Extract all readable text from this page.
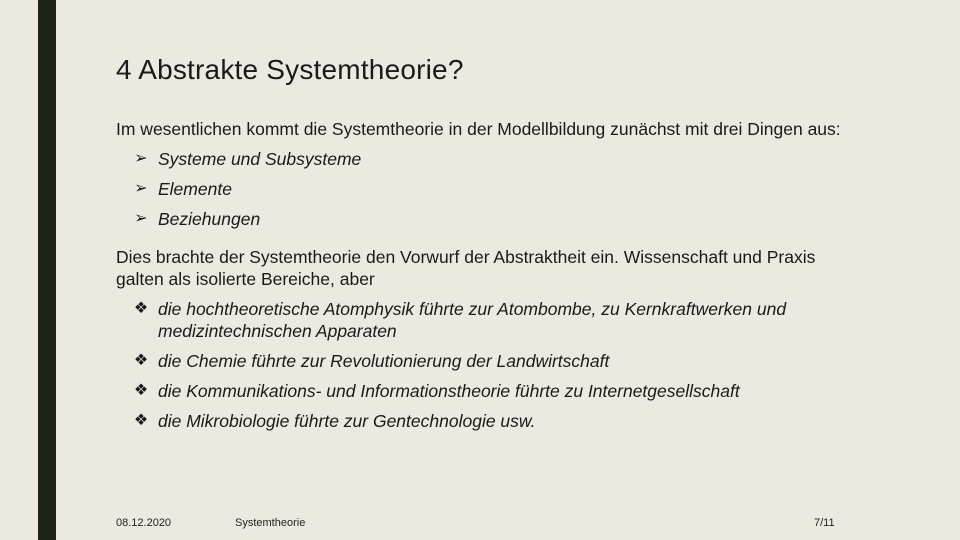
4 Abstrakte Systemtheorie?

Im wesentlichen kommt die Systemtheorie in der Modellbildung zunächst mit drei Dingen aus:

➢ Systeme und Subsysteme
➢ Elemente
➢ Beziehungen

Dies brachte der Systemtheorie den Vorwurf der Abstraktheit ein. Wissenschaft und Praxis galten als isolierte Bereiche, aber

❖ die hochtheoretische Atomphysik führte zur Atombombe, zu Kernkraftwerken und medizintechnischen Apparaten
❖ die Chemie führte zur Revolutionierung der Landwirtschaft
❖ die Kommunikations- und Informationstheorie führte zu Internetgesellschaft
❖ die Mikrobiologie führte zur Gentechnologie usw.
08.12.2020	Systemtheorie	7/11
